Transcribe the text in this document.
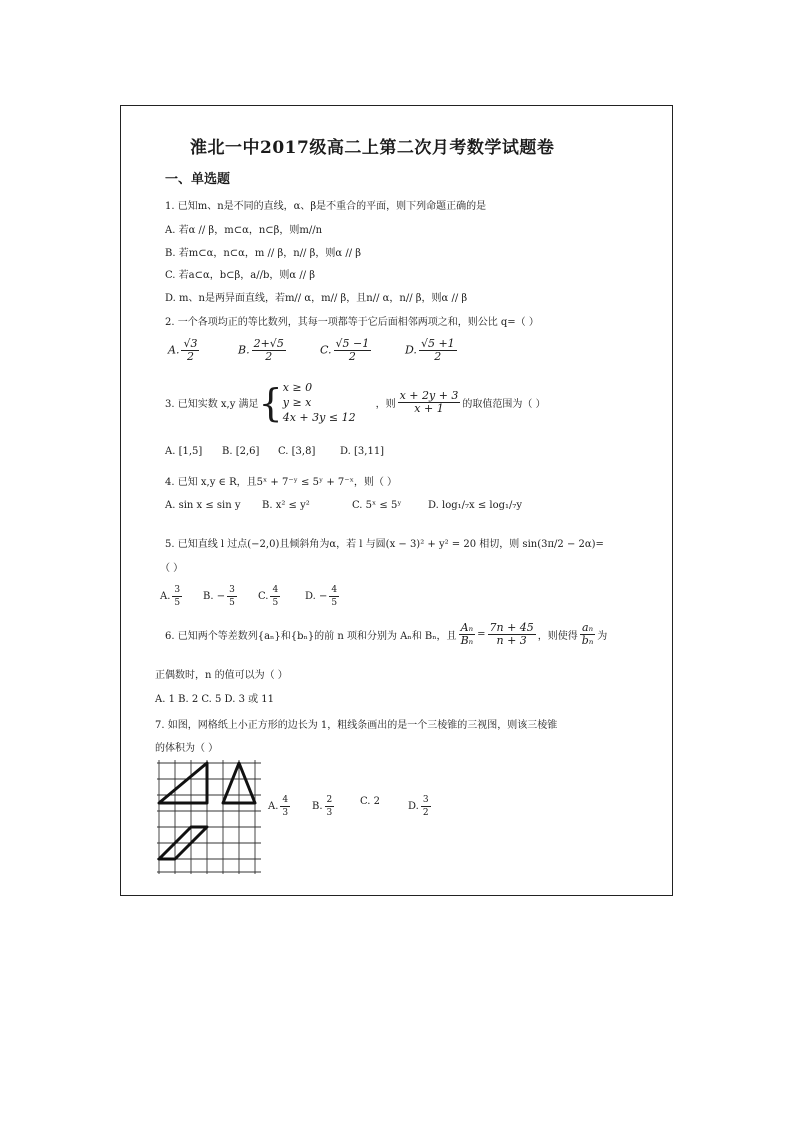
淮北一中2017级高二上第二次月考数学试题卷
一、单选题
1. 已知m、n是不同的直线，α、β是不重合的平面，则下列命题正确的是
A. 若α // β，m⊂α，n⊂β，则m//n
B. 若m⊂α，n⊂α，m // β，n// β，则α // β
C. 若a⊂α，b⊂β，a//b，则α // β
D. m、n是两异面直线，若m// α，m// β，且n// α，n// β，则α // β
2. 一个各项均正的等比数列，其每一项都等于它后面相邻两项之和，则公比 q=（ ）
A. $\frac{√3}{2}$	B. $\frac{2+√5}{2}$	C. $\frac{√5 -1}{2}$	D. $\frac{√5 +1}{2}$
3. 已知实数 x,y 满足 { x ≥ 0
y ≥ x
4x + 3y ≤ 12
，则 $\frac{x + 2y + 3}{x + 1}$ 的取值范围为（ ）
A. [1,5] B. [2,6] C. [3,8] D. [3,11]
4. 已知 x,y ∈ R，且5ˣ + 7⁻ʸ ≤ 5ʸ + 7⁻ˣ，则（ ）
A. sin x ≤ sin y B. x² ≤ y²	C. 5ˣ ≤ 5ʸ	D. log₁/₇x ≤ log₁/₇y
5. 已知直线 l 过点(−2,0)且倾斜角为α，若 l 与圆(x − 3)² + y² = 20 相切，则 sin(3π/2 − 2α)=
（ ）
A. $\frac{3}{5} B$. − $\frac{3}{5} C$. $\frac{4}{5} D$. − $\frac{4}{5}$
6. 已知两个等差数列{aₙ}和{bₙ}的前 n 项和分别为 Aₙ和 Bₙ，且 $\frac{\text{Aₙ}}{\text{Bₙ}} = \frac{7n + 45}{n + 3}$ ，则使得 $\frac{\text{aₙ}}{\text{bₙ}}$ 为
正偶数时，n 的值可以为（ ）
A. 1 B. 2 C. 5 D. 3 或 11
7. 如图，网格纸上小正方形的边长为 1，粗线条画出的是一个三棱锥的三视图，则该三棱锥
的体积为（ ）
A. $\frac{4}{3} B$. $\frac{2}{3}$	C. 2	D. $\frac{3}{2}$
